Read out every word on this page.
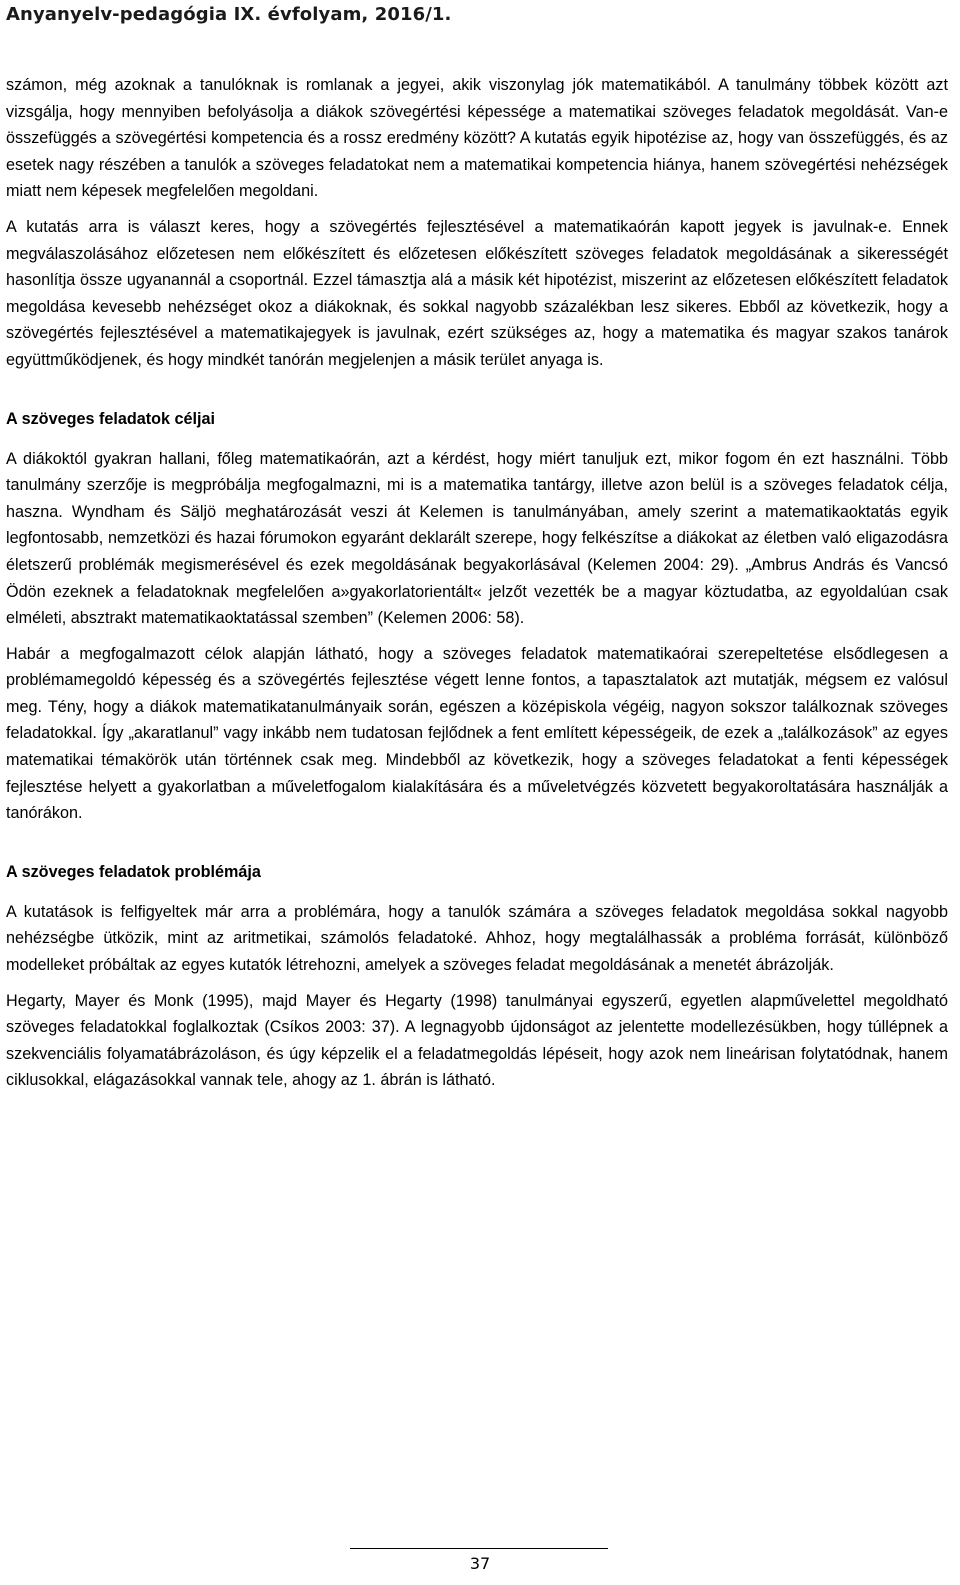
Anyanyelv-pedagógia IX. évfolyam, 2016/1.

számon, még azoknak a tanulóknak is romlanak a jegyei, akik viszonylag jók matematikából. A tanulmány többek között azt vizsgálja, hogy mennyiben befolyásolja a diákok szövegértési képessége a matematikai szöveges feladatok megoldását. Van-e összefüggés a szövegértési kompetencia és a rossz eredmény között? A kutatás egyik hipotézise az, hogy van összefüggés, és az esetek nagy részében a tanulók a szöveges feladatokat nem a matematikai kompetencia hiánya, hanem szövegértési nehézségek miatt nem képesek megfelelően megoldani.

A kutatás arra is választ keres, hogy a szövegértés fejlesztésével a matematikaórán kapott jegyek is javulnak-e. Ennek megválaszolásához előzetesen nem előkészített és előzetesen előkészített szöveges feladatok megoldásának a sikerességét hasonlítja össze ugyanannál a csoportnál. Ezzel támasztja alá a másik két hipotézist, miszerint az előzetesen előkészített feladatok megoldása kevesebb nehézséget okoz a diákoknak, és sokkal nagyobb százalékban lesz sikeres. Ebből az következik, hogy a szövegértés fejlesztésével a matematikajegyek is javulnak, ezért szükséges az, hogy a matematika és magyar szakos tanárok együttműködjenek, és hogy mindkét tanórán megjelenjen a másik terület anyaga is.

A szöveges feladatok céljai

A diákoktól gyakran hallani, főleg matematikaórán, azt a kérdést, hogy miért tanuljuk ezt, mikor fogom én ezt használni. Több tanulmány szerzője is megpróbálja megfogalmazni, mi is a matematika tantárgy, illetve azon belül is a szöveges feladatok célja, haszna. Wyndham és Säljö meghatározását veszi át Kelemen is tanulmányában, amely szerint a matematikaoktatás egyik legfontosabb, nemzetközi és hazai fórumokon egyaránt deklarált szerepe, hogy felkészítse a diákokat az életben való eligazodásra életszerű problémák megismerésével és ezek megoldásának begyakorlásával (Kelemen 2004: 29). „Ambrus András és Vancsó Ödön ezeknek a feladatoknak megfelelően a»gyakorlatorientált« jelzőt vezették be a magyar köztudatba, az egyoldalúan csak elméleti, absztrakt matematikaoktatással szemben” (Kelemen 2006: 58).

Habár a megfogalmazott célok alapján látható, hogy a szöveges feladatok matematikaórai szerepeltetése elsődlegesen a problémamegoldó képesség és a szövegértés fejlesztése végett lenne fontos, a tapasztalatok azt mutatják, mégsem ez valósul meg. Tény, hogy a diákok matematikatanulmányaik során, egészen a középiskola végéig, nagyon sokszor találkoznak szöveges feladatokkal. Így „akaratlanul” vagy inkább nem tudatosan fejlődnek a fent említett képességeik, de ezek a „találkozások” az egyes matematikai témakörök után történnek csak meg. Mindebből az következik, hogy a szöveges feladatokat a fenti képességek fejlesztése helyett a gyakorlatban a műveletfogalom kialakítására és a műveletvégzés közvetett begyakoroltatására használják a tanórákon.

A szöveges feladatok problémája

A kutatások is felfigyeltek már arra a problémára, hogy a tanulók számára a szöveges feladatok megoldása sokkal nagyobb nehézségbe ütközik, mint az aritmetikai, számolós feladatoké. Ahhoz, hogy megtalálhassák a probléma forrását, különböző modelleket próbáltak az egyes kutatók létrehozni, amelyek a szöveges feladat megoldásának a menetét ábrázolják.

Hegarty, Mayer és Monk (1995), majd Mayer és Hegarty (1998) tanulmányai egyszerű, egyetlen alapművelettel megoldható szöveges feladatokkal foglalkoztak (Csíkos 2003: 37). A legnagyobb újdonságot az jelentette modellezésükben, hogy túllépnek a szekvenciális folyamatábrázoláson, és úgy képzelik el a feladatmegoldás lépéseit, hogy azok nem lineárisan folytatódnak, hanem ciklusokkal, elágazásokkal vannak tele, ahogy az 1. ábrán is látható.

37
